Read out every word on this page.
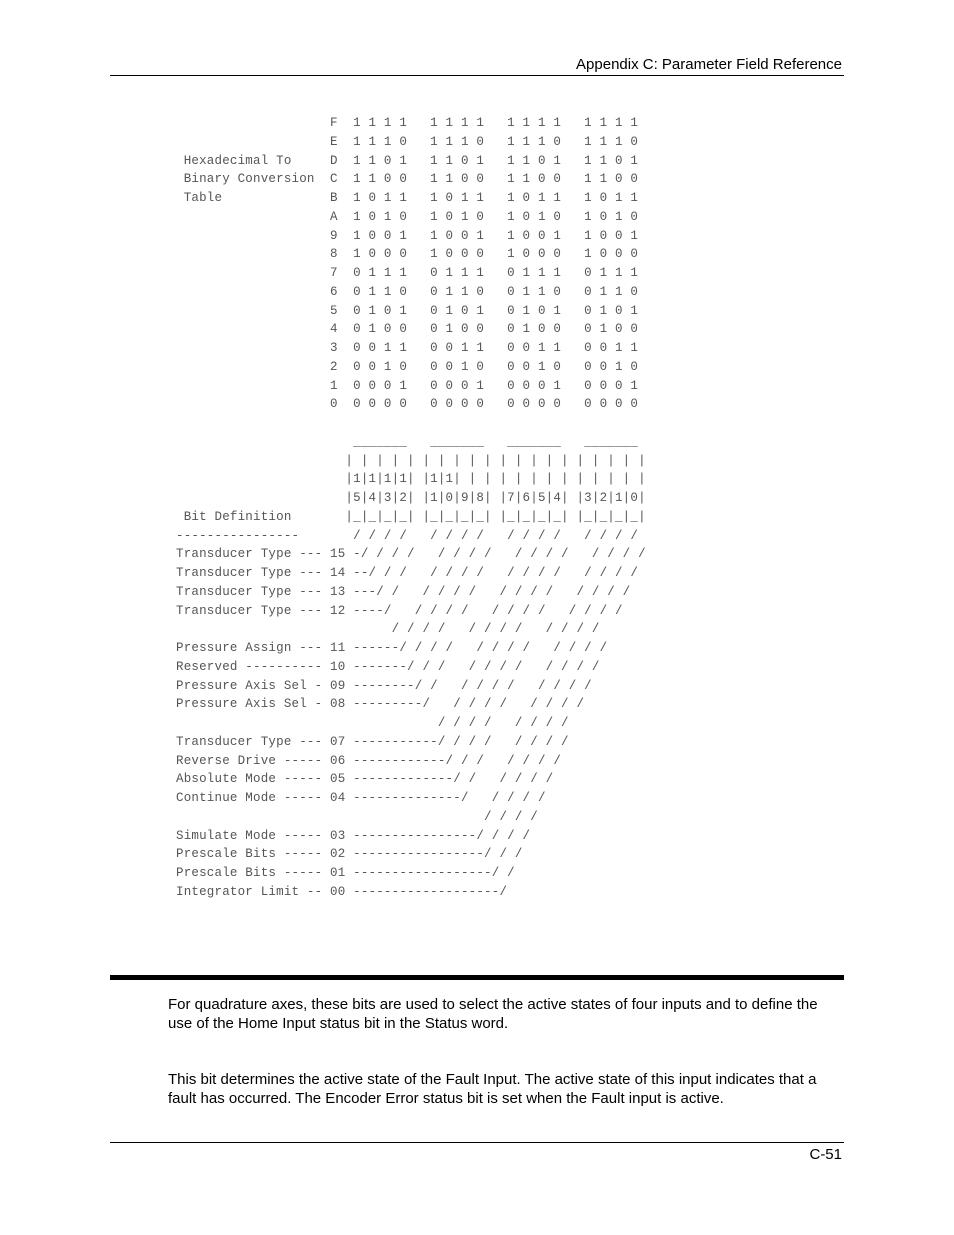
Appendix C: Parameter Field Reference
F  1 1 1 1   1 1 1 1   1 1 1 1   1 1 1 1
E  1 1 1 0   1 1 1 0   1 1 1 0   1 1 1 0
Hexadecimal To     D  1 1 0 1   1 1 0 1   1 1 0 1   1 1 0 1
Binary Conversion  C  1 1 0 0   1 1 0 0   1 1 0 0   1 1 0 0
Table              B  1 0 1 1   1 0 1 1   1 0 1 1   1 0 1 1
A  1 0 1 0   1 0 1 0   1 0 1 0   1 0 1 0
9  1 0 0 1   1 0 0 1   1 0 0 1   1 0 0 1
8  1 0 0 0   1 0 0 0   1 0 0 0   1 0 0 0
7  0 1 1 1   0 1 1 1   0 1 1 1   0 1 1 1
6  0 1 1 0   0 1 1 0   0 1 1 0   0 1 1 0
5  0 1 0 1   0 1 0 1   0 1 0 1   0 1 0 1
4  0 1 0 0   0 1 0 0   0 1 0 0   0 1 0 0
3  0 0 1 1   0 0 1 1   0 0 1 1   0 0 1 1
2  0 0 1 0   0 0 1 0   0 0 1 0   0 0 1 0
1  0 0 0 1   0 0 0 1   0 0 0 1   0 0 0 1
0  0 0 0 0   0 0 0 0   0 0 0 0   0 0 0 0

_______   _______   _______   _______
| | | | | | | | | | | | | | | | | | | |
|1|1|1|1| |1|1| | | | | | | | | | | | |
|5|4|3|2| |1|0|9|8| |7|6|5|4| |3|2|1|0|
Bit Definition       |_|_|_|_| |_|_|_|_| |_|_|_|_| |_|_|_|_|
----------------       / / / /   / / / /   / / / /   / / / /
Transducer Type --- 15 -/ / / /   / / / /   / / / /   / / / /
Transducer Type --- 14 --/ / /   / / / /   / / / /   / / / /
Transducer Type --- 13 ---/ /   / / / /   / / / /   / / / /
Transducer Type --- 12 ----/   / / / /   / / / /   / / / /
/ / / /   / / / /   / / / /
Pressure Assign --- 11 ------/ / / /   / / / /   / / / /
Reserved ---------- 10 -------/ / /   / / / /   / / / /
Pressure Axis Sel - 09 --------/ /   / / / /   / / / /
Pressure Axis Sel - 08 ---------/   / / / /   / / / /
/ / / /   / / / /
Transducer Type --- 07 -----------/ / / /   / / / /
Reverse Drive ----- 06 ------------/ / /   / / / /
Absolute Mode ----- 05 -------------/ /   / / / /
Continue Mode ----- 04 --------------/   / / / /
/ / / /
Simulate Mode ----- 03 ----------------/ / / /
Prescale Bits ----- 02 -----------------/ / /
Prescale Bits ----- 01 ------------------/ /
Integrator Limit -- 00 -------------------/

For quadrature axes, these bits are used to select the active states of four inputs and to define the use of the Home Input status bit in the Status word.

This bit determines the active state of the Fault Input. The active state of this input indicates that a fault has occurred. The Encoder Error status bit is set when the Fault input is active.

C-51
